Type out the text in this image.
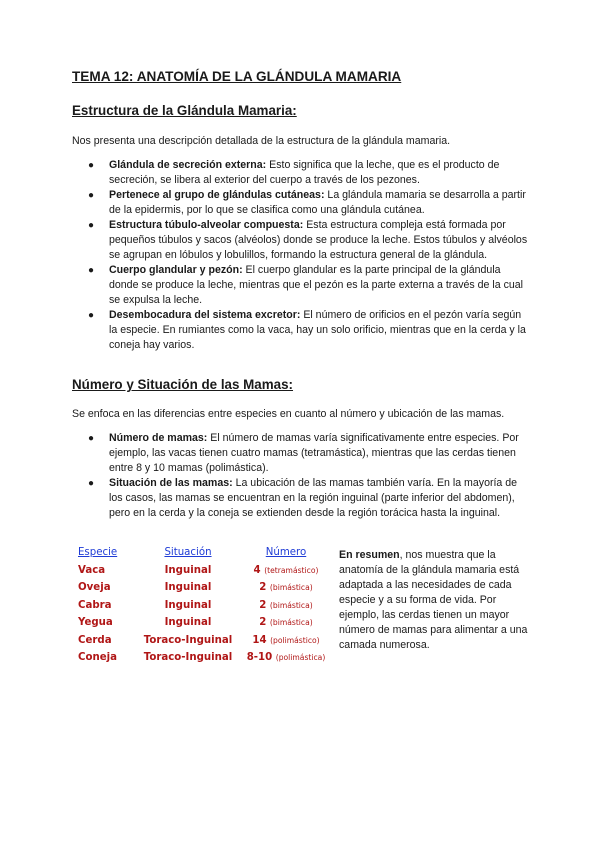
TEMA 12: ANATOMÍA DE LA GLÁNDULA MAMARIA
Estructura de la Glándula Mamaria:

Nos presenta una descripción detallada de la estructura de la glándula mamaria.

● Glándula de secreción externa: Esto significa que la leche, que es el producto de secreción, se libera al exterior del cuerpo a través de los pezones.
● Pertenece al grupo de glándulas cutáneas: La glándula mamaria se desarrolla a partir de la epidermis, por lo que se clasifica como una glándula cutánea.
● Estructura túbulo-alveolar compuesta: Esta estructura compleja está formada por pequeños túbulos y sacos (alvéolos) donde se produce la leche. Estos túbulos y alvéolos se agrupan en lóbulos y lobulillos, formando la estructura general de la glándula.
● Cuerpo glandular y pezón: El cuerpo glandular es la parte principal de la glándula donde se produce la leche, mientras que el pezón es la parte externa a través de la cual se expulsa la leche.
● Desembocadura del sistema excretor: El número de orificios en el pezón varía según la especie. En rumiantes como la vaca, hay un solo orificio, mientras que en la cerda y la coneja hay varios.
Número y Situación de las Mamas:

Se enfoca en las diferencias entre especies en cuanto al número y ubicación de las mamas.

● Número de mamas: El número de mamas varía significativamente entre especies. Por ejemplo, las vacas tienen cuatro mamas (tetramástica), mientras que las cerdas tienen entre 8 y 10 mamas (polimástica).
● Situación de las mamas: La ubicación de las mamas también varía. En la mayoría de los casos, las mamas se encuentran en la región inguinal (parte inferior del abdomen), pero en la cerda y la coneja se extienden desde la región torácica hasta la inguinal.
Especie	Situación	Número
Vaca	Inguinal	4 (tetramástico)
Oveja	Inguinal	2 (bimástica)
Cabra	Inguinal	2 (bimástica)
Yegua	Inguinal	2 (bimástica)
Cerda	Toraco-Inguinal	14 (polimástico)
Coneja	Toraco-Inguinal	8-10 (polimástica)

En resumen, nos muestra que la anatomía de la glándula mamaria está adaptada a las necesidades de cada especie y a su forma de vida. Por ejemplo, las cerdas tienen un mayor número de mamas para alimentar a una camada numerosa.
